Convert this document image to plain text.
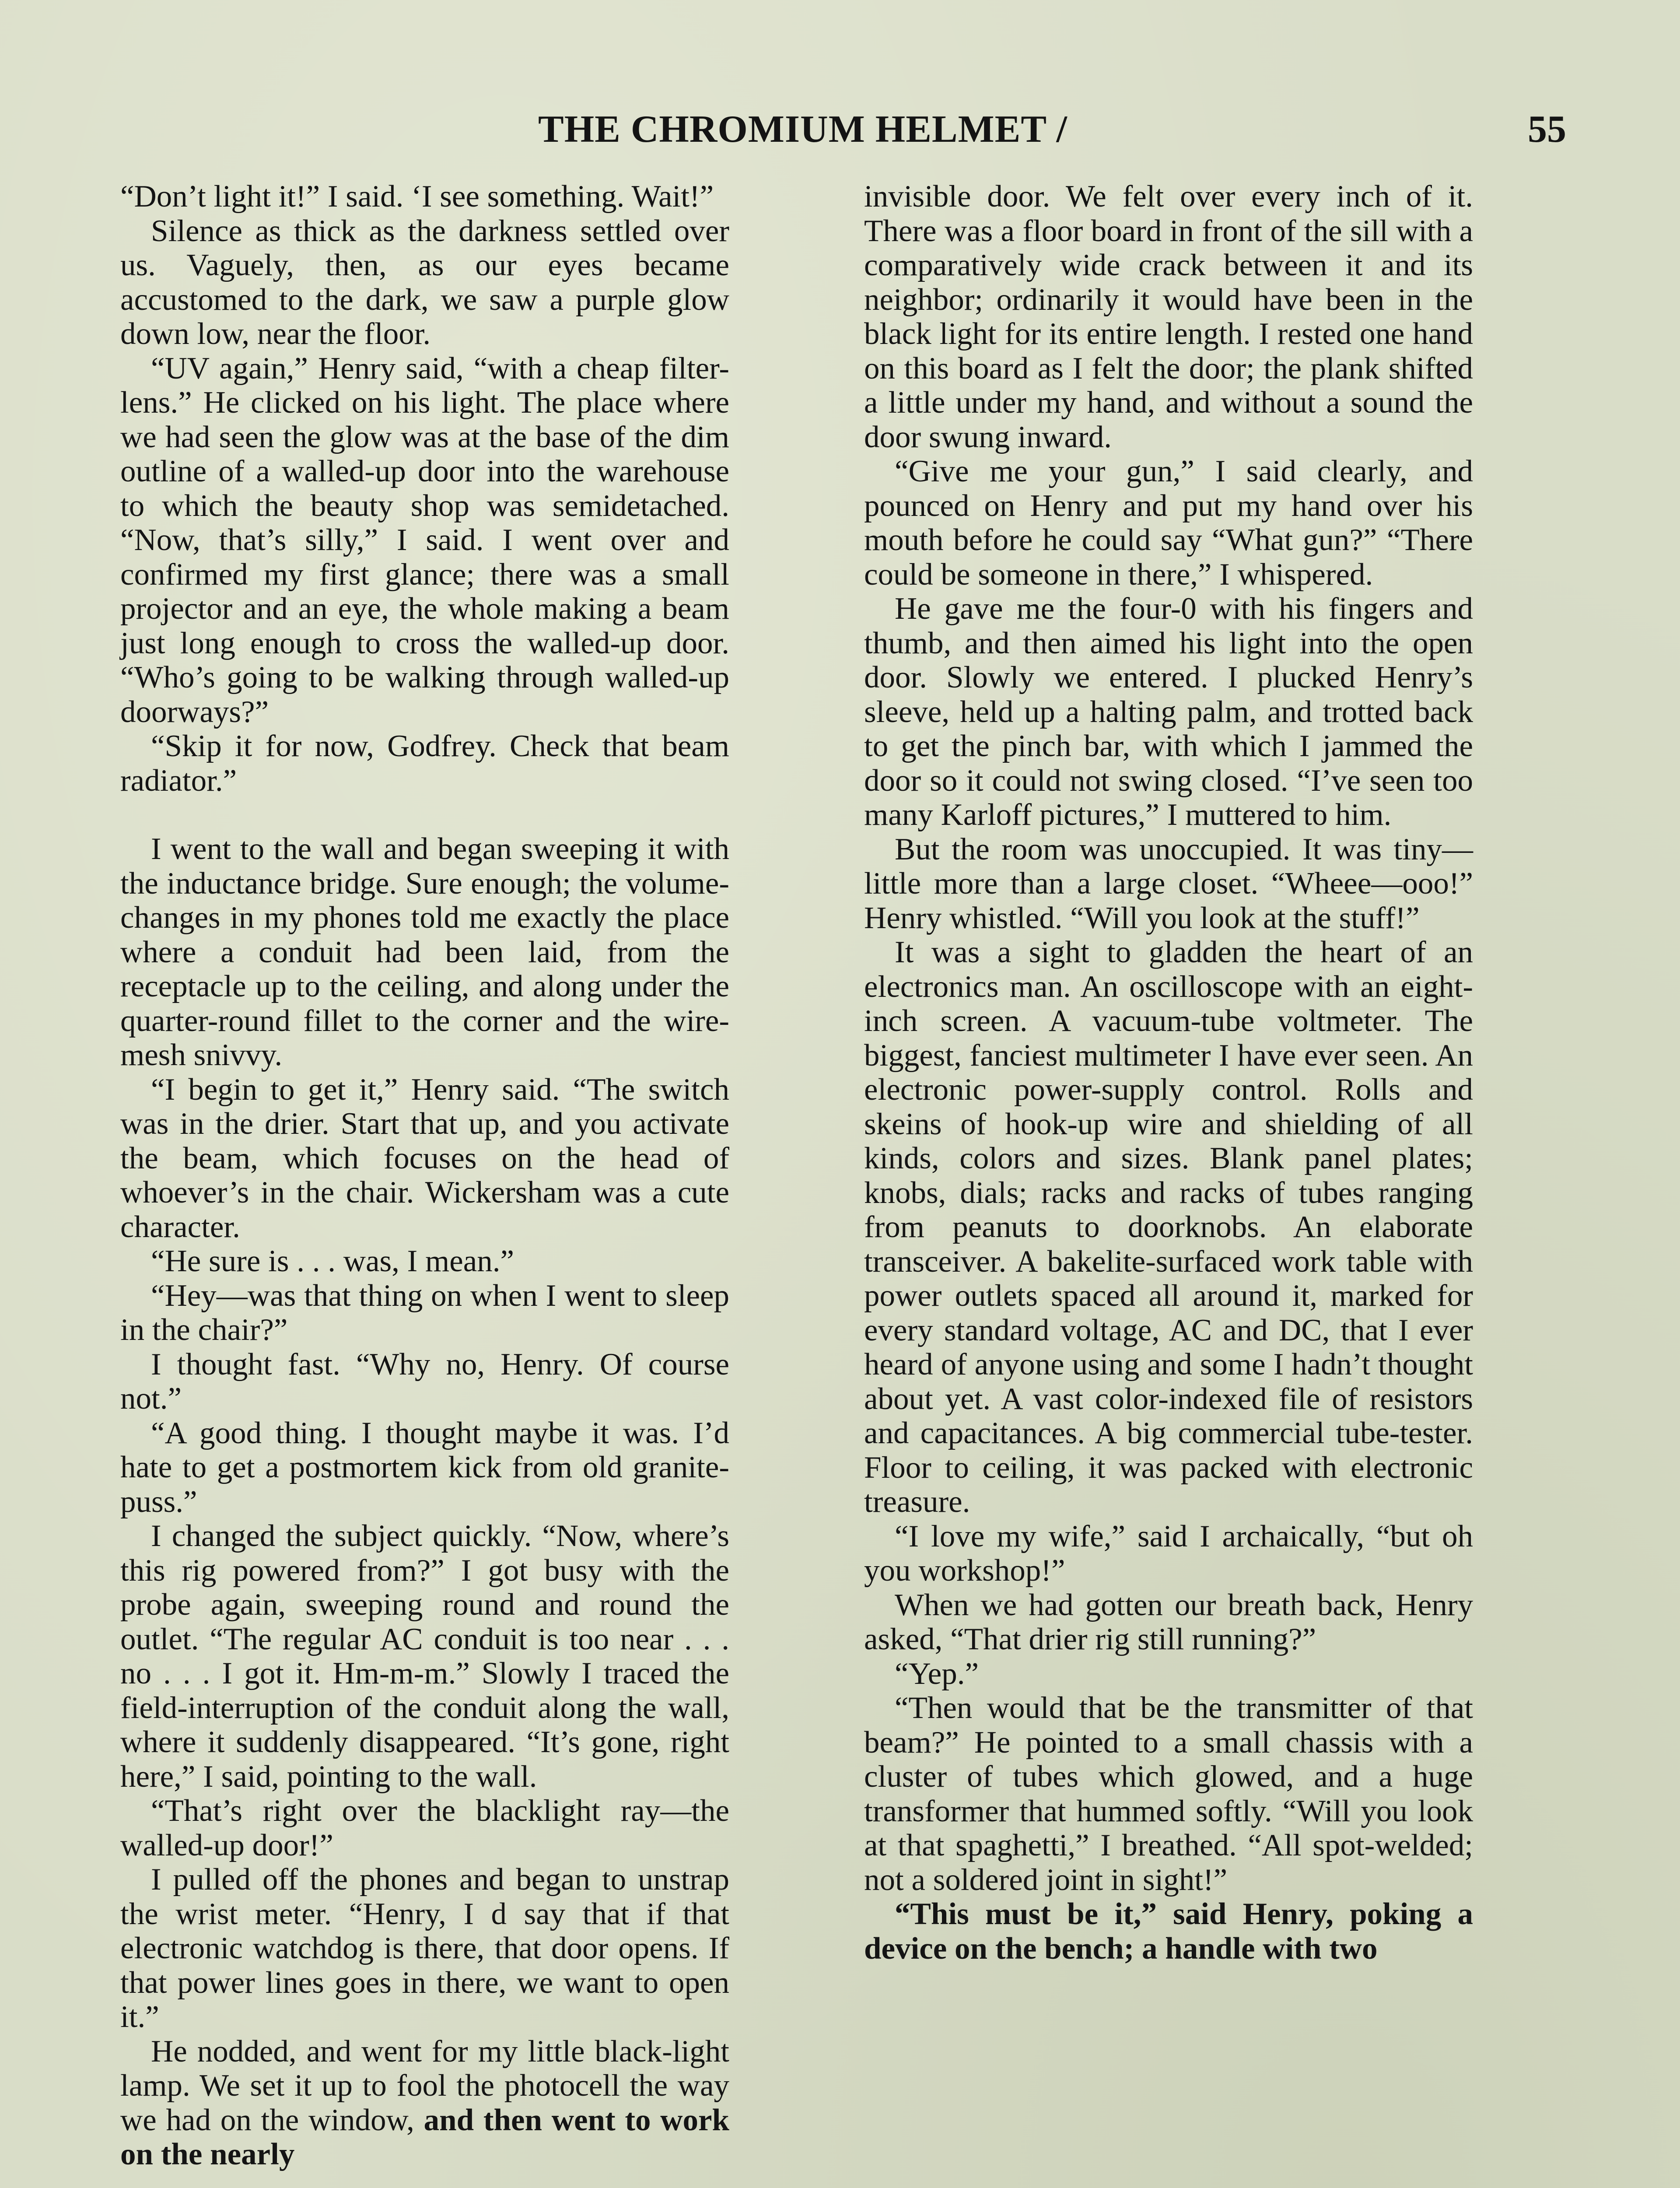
THE CHROMIUM HELMET /	55

“Don’t light it!” I said. ‘I see something. Wait!”

Silence as thick as the darkness settled over us. Vaguely, then, as our eyes became accustomed to the dark, we saw a purple glow down low, near the floor.

“UV again,” Henry said, “with a cheap filter-lens.” He clicked on his light. The place where we had seen the glow was at the base of the dim outline of a walled-up door into the warehouse to which the beauty shop was semidetached. “Now, that’s silly,” I said. I went over and confirmed my first glance; there was a small projector and an eye, the whole making a beam just long enough to cross the walled-up door. “Who’s going to be walking through walled-up doorways?”

“Skip it for now, Godfrey. Check that beam radiator.”

I went to the wall and began sweeping it with the inductance bridge. Sure enough; the volume-changes in my phones told me exactly the place where a conduit had been laid, from the receptacle up to the ceiling, and along under the quarter-round fillet to the corner and the wire-mesh snivvy.

“I begin to get it,” Henry said. “The switch was in the drier. Start that up, and you activate the beam, which focuses on the head of whoever’s in the chair. Wickersham was a cute character.

“He sure is . . . was, I mean.”

“Hey—was that thing on when I went to sleep in the chair?”

I thought fast. “Why no, Henry. Of course not.”

“A good thing. I thought maybe it was. I’d hate to get a postmortem kick from old granite-puss.”

I changed the subject quickly. “Now, where’s this rig powered from?” I got busy with the probe again, sweeping round and round the outlet. “The regular AC conduit is too near . . . no . . . I got it. Hm-m-m.” Slowly I traced the field-interruption of the conduit along the wall, where it suddenly disappeared. “It’s gone, right here,” I said, pointing to the wall.

“That’s right over the blacklight ray—the walled-up door!”

I pulled off the phones and began to unstrap the wrist meter. “Henry, I d say that if that electronic watchdog is there, that door opens. If that power lines goes in there, we want to open it.”

He nodded, and went for my little black-light lamp. We set it up to fool the photocell the way we had on the window, and then went to work on the nearly

invisible door. We felt over every inch of it. There was a floor board in front of the sill with a comparatively wide crack between it and its neighbor; ordinarily it would have been in the black light for its entire length. I rested one hand on this board as I felt the door; the plank shifted a little under my hand, and without a sound the door swung inward.

“Give me your gun,” I said clearly, and pounced on Henry and put my hand over his mouth before he could say “What gun?” “There could be someone in there,” I whispered.

He gave me the four-0 with his fingers and thumb, and then aimed his light into the open door. Slowly we entered. I plucked Henry’s sleeve, held up a halting palm, and trotted back to get the pinch bar, with which I jammed the door so it could not swing closed. “I’ve seen too many Karloff pictures,” I muttered to him.

But the room was unoccupied. It was tiny—little more than a large closet. “Wheee—ooo!” Henry whistled. “Will you look at the stuff!”

It was a sight to gladden the heart of an electronics man. An oscilloscope with an eight-inch screen. A vacuum-tube voltmeter. The biggest, fanciest multimeter I have ever seen. An electronic power-supply control. Rolls and skeins of hook-up wire and shielding of all kinds, colors and sizes. Blank panel plates; knobs, dials; racks and racks of tubes ranging from peanuts to doorknobs. An elaborate transceiver. A bakelite-surfaced work table with power outlets spaced all around it, marked for every standard voltage, AC and DC, that I ever heard of anyone using and some I hadn’t thought about yet. A vast color-indexed file of resistors and capacitances. A big commercial tube-tester. Floor to ceiling, it was packed with electronic treasure.

“I love my wife,” said I archaically, “but oh you workshop!”

When we had gotten our breath back, Henry asked, “That drier rig still running?”

“Yep.”

“Then would that be the transmitter of that beam?” He pointed to a small chassis with a cluster of tubes which glowed, and a huge transformer that hummed softly. “Will you look at that spaghetti,” I breathed. “All spot-welded; not a soldered joint in sight!”

“This must be it,” said Henry, poking a device on the bench; a handle with two
